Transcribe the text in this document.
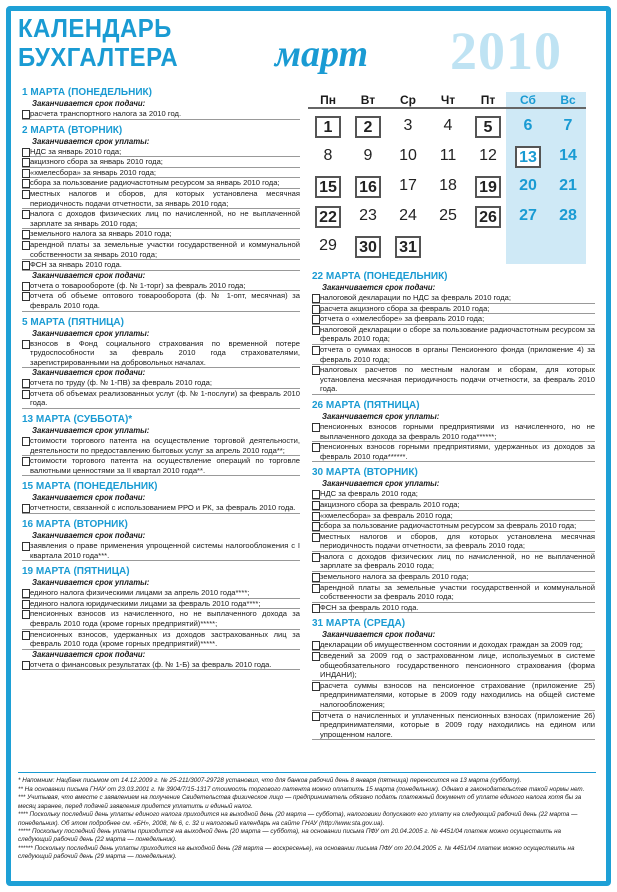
КАЛЕНДАРЬ
БУХГАЛТЕРА	март 2010
Пн	Вт	Ср	Чт	Пт	Сб	Вс
1	2	3	4	5	6	7
8	9	10 11 12 13 14
15 16 17 18 19 20 21
22 23 24 25 26 27 28
29 30 31
1 МАРТА (ПОНЕДЕЛЬНИК)
Заканчивается срок подачи:
расчета транспортного налога за 2010 год.
2 МАРТА (ВТОРНИК)
Заканчивается срок уплаты:
НДС за январь 2010 года;
акцизного сбора за январь 2010 года;
«хмелесбора» за январь 2010 года;
сбора за пользование радиочастотным ресурсом за январь 2010 года;
местных налогов и сборов, для которых установлена месячная периодичность подачи отчетности, за январь 2010 года;
налога с доходов физических лиц по начисленной, но не выплаченной зарплате за январь 2010 года;
земельного налога за январь 2010 года;
арендной платы за земельные участки государственной и коммунальной собственности за январь 2010 года;
ФСН за январь 2010 года.
Заканчивается срок подачи:
отчета о товарообороте (ф. № 1-торг) за февраль 2010 года;
отчета об объеме оптового товарооборота (ф. № 1-опт, месячная) за февраль 2010 года.
5 МАРТА (ПЯТНИЦА)
Заканчивается срок уплаты:
взносов в Фонд социального страхования по временной потере трудоспособности за февраль 2010 года страхователями, зарегистрированными на добровольных началах.
Заканчивается срок подачи:
отчета по труду (ф. № 1-ПВ) за февраль 2010 года;
отчета об объемах реализованных услуг (ф. № 1-послуги) за февраль 2010 года.
13 МАРТА (СУББОТА)*
Заканчивается срок уплаты:
стоимости торгового патента на осуществление торговой деятельности, деятельности по предоставлению бытовых услуг за апрель 2010 года**;
стоимости торгового патента на осуществление операций по торговле валютными ценностями за II квартал 2010 года**.
15 МАРТА (ПОНЕДЕЛЬНИК)
Заканчивается срок подачи:
отчетности, связанной с использованием РРО и РК, за февраль 2010 года.
16 МАРТА (ВТОРНИК)
Заканчивается срок подачи:
заявления о праве применения упрощенной системы налогообложения с I квартала 2010 года***.
19 МАРТА (ПЯТНИЦА)
Заканчивается срок уплаты:
единого налога физическими лицами за апрель 2010 года****;
единого налога юридическими лицами за февраль 2010 года****;
пенсионных взносов из начисленного, но не выплаченного дохода за февраль 2010 года (кроме горных предприятий)*****;
пенсионных взносов, удержанных из доходов застрахованных лиц за февраль 2010 года (кроме горных предприятий)*****.
Заканчивается срок подачи:
отчета о финансовых результатах (ф. № 1-Б) за февраль 2010 года.
22 МАРТА (ПОНЕДЕЛЬНИК)
Заканчивается срок подачи:
налоговой декларации по НДС за февраль 2010 года;
расчета акцизного сбора за февраль 2010 года;
отчета о «хмелесборе» за февраль 2010 года;
налоговой декларации о сборе за пользование радиочастотным ресурсом за февраль 2010 года;
отчета о суммах взносов в органы Пенсионного фонда (приложение 4) за февраль 2010 года;
налоговых расчетов по местным налогам и сборам, для которых установлена месячная периодичность подачи отчетности, за февраль 2010 года.
26 МАРТА (ПЯТНИЦА)
Заканчивается срок уплаты:
пенсионных взносов горными предприятиями из начисленного, но не выплаченного дохода за февраль 2010 года******;
пенсионных взносов горными предприятиями, удержанных из доходов за февраль 2010 года******.
30 МАРТА (ВТОРНИК)
Заканчивается срок уплаты:
НДС за февраль 2010 года;
акцизного сбора за февраль 2010 года;
«хмелесбора» за февраль 2010 года;
сбора за пользование радиочастотным ресурсом за февраль 2010 года;
местных налогов и сборов, для которых установлена месячная периодичность подачи отчетности, за февраль 2010 года;
налога с доходов физических лиц по начисленной, но не выплаченной зарплате за февраль 2010 года;
земельного налога за февраль 2010 года;
арендной платы за земельные участки государственной и коммунальной собственности за февраль 2010 года;
ФСН за февраль 2010 года.
31 МАРТА (СРЕДА)
Заканчивается срок подачи:
декларации об имущественном состоянии и доходах граждан за 2009 год;
сведений за 2009 год о застрахованном лице, используемых в системе общеобязательного государственного пенсионного страхования (форма ИНДАНИ);
расчета суммы взносов на пенсионное страхование (приложение 25) предпринимателями, которые в 2009 году находились на общей системе налогообложения;
отчета о начисленных и уплаченных пенсионных взносах (приложение 26) предпринимателями, которые в 2009 году находились на едином или упрощенном налоге.

* Напомним: Нацбанк письмом от 14.12.2009 г. № 25-211/3007-29728 установил, что для банков рабочий день 8 января (пятница) переносится на 13 марта (субботу).

** На основании письма ГНАУ от 23.03.2001 г. № 3904/7/15-1317 стоимость торгового патента можно оплатить 15 марта (понедельник). Однако в законодательстве такой нормы нет.

*** Учитывая, что вместе с заявлением на получение Свидетельства физическое лицо — предприниматель обязано подать платежный документ об уплате единого налога хотя бы за месяц заранее, перед подачей заявления придется уплатить и единый налог.

**** Поскольку последний день уплаты единого налога приходится на выходной день (20 марта — суббота), налоговики допускают его уплату на следующий рабочий день (22 марта — понедельник). Об этом подробнее см. «БН», 2008, № 6, с. 32 и налоговый календарь на сайте ГНАУ (http://www.sta.gov.ua).

***** Поскольку последний день уплаты приходится на выходной день (20 марта — суббота), на основании письма ПФУ от 20.04.2005 г. № 4451/04 платеж можно осуществить на следующий рабочий день (22 марта — понедельник).

****** Поскольку последний день уплаты приходится на выходной день (28 марта — воскресенье), на основании письма ПФУ от 20.04.2005 г. № 4451/04 платеж можно осуществить на следующий рабочий день (29 марта — понедельник).
